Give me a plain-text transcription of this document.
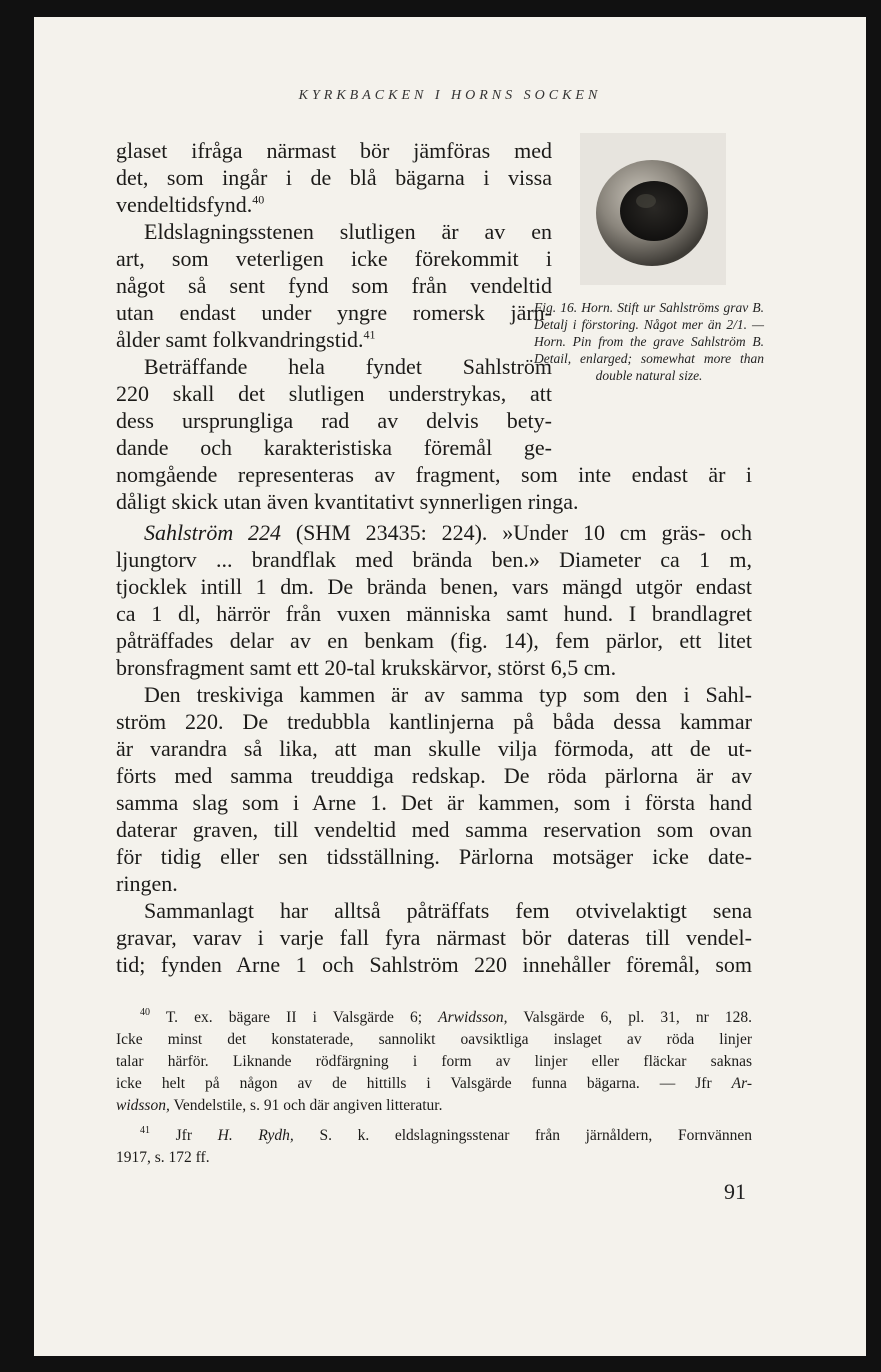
KYRKBACKEN I HORNS SOCKEN
Fig. 16. Horn. Stift ur Sahlströms grav B. Detalj i förstoring. Något mer än 2/1. — Horn. Pin from the grave Sahlström B. Detail, enlarged; somewhat more than double natural size.
glaset ifråga närmast bör jämföras med
det, som ingår i de blå bägarna i vissa
vendeltidsfynd.$^{40}$
Eldslagningsstenen slutligen är av en
art, som veterligen icke förekommit i
något så sent fynd som från vendeltid
utan endast under yngre romersk järn-
ålder samt folkvandringstid.$^{41}$
Beträffande hela fyndet Sahlström
220 skall det slutligen understrykas, att
dess ursprungliga rad av delvis bety-
dande och karakteristiska föremål ge-
nomgående representeras av fragment, som inte endast är i
dåligt skick utan även kvantitativt synnerligen ringa.
Sahlström 224 (SHM 23435: 224). »Under 10 cm gräs- och
ljungtorv ... brandflak med brända ben.» Diameter ca 1 m,
tjocklek intill 1 dm. De brända benen, vars mängd utgör endast
ca 1 dl, härrör från vuxen människa samt hund. I brandlagret
påträffades delar av en benkam (fig. 14), fem pärlor, ett litet
bronsfragment samt ett 20-tal krukskärvor, störst 6,5 cm.
Den treskiviga kammen är av samma typ som den i Sahl-
ström 220. De tredubbla kantlinjerna på båda dessa kammar
är varandra så lika, att man skulle vilja förmoda, att de ut-
förts med samma treuddiga redskap. De röda pärlorna är av
samma slag som i Arne 1. Det är kammen, som i första hand
daterar graven, till vendeltid med samma reservation som ovan
för tidig eller sen tidsställning. Pärlorna motsäger icke date-
ringen.
Sammanlagt har alltså påträffats fem otvivelaktigt sena
gravar, varav i varje fall fyra närmast bör dateras till vendel-
tid; fynden Arne 1 och Sahlström 220 innehåller föremål, som
$^{40}$ T. ex. bägare II i Valsgärde 6; Arwidsson, Valsgärde 6, pl. 31, nr 128.
Icke minst det konstaterade, sannolikt oavsiktliga inslaget av röda linjer
talar härför. Liknande rödfärgning i form av linjer eller fläckar saknas
icke helt på någon av de hittills i Valsgärde funna bägarna. — Jfr Ar-
widsson, Vendelstile, s. 91 och där angiven litteratur.
$^{41}$ Jfr H. Rydh, S. k. eldslagningsstenar från järnåldern, Fornvännen
1917, s. 172 ff.
91
